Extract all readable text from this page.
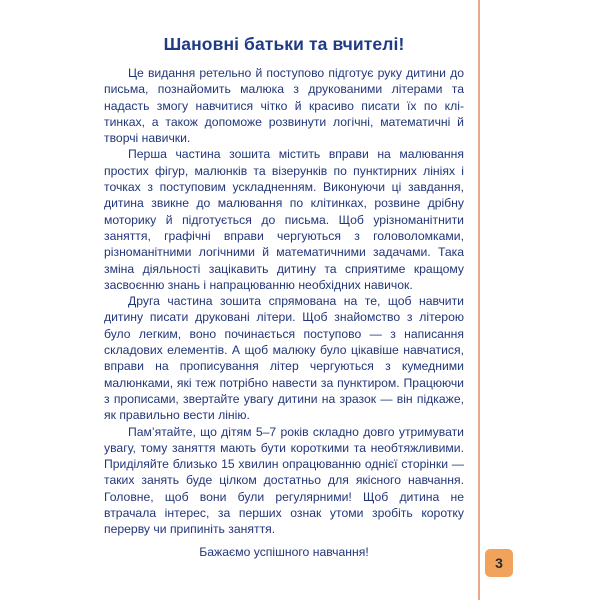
Шановні батьки та вчителі!

Це видання ретельно й поступово підготує руку дитини до письма, познайомить малюка з друкованими літерами та надасть змогу навчитися чітко й красиво писати їх по клітинках, а також допоможе розвинути логічні, математичні й творчі навички.

Перша частина зошита містить вправи на малювання простих фігур, малюнків та візерунків по пунктирних лініях і точках з поступовим ускладненням. Виконуючи ці завдання, дитина звикне до малювання по клітинках, розвине дрібну моторику й підготується до письма. Щоб урізноманітнити заняття, графічні вправи чергуються з головоломками, різноманітними логічними й математичними задачами. Така зміна діяльності зацікавить дитину та сприятиме кращому засвоєнню знань і напрацюванню необхідних навичок.

Друга частина зошита спрямована на те, щоб навчити дитину писати друковані літери. Щоб знайомство з літерою було легким, воно починається поступово — з написання складових елементів. А щоб малюку було цікавіше навчатися, вправи на прописування літер чергуються з кумедними малюнками, які теж потрібно навести за пунктиром. Працюючи з прописами, звертайте увагу дитини на зразок — він підкаже, як правильно вести лінію.

Пам’ятайте, що дітям 5–7 років складно довго утримувати увагу, тому заняття мають бути короткими та необтяжливими. Приділяйте близько 15 хвилин опрацюванню однієї сторінки — таких занять буде цілком достатньо для якісного навчання. Головне, щоб вони були регулярними! Щоб дитина не втрачала інтерес, за перших ознак утоми зробіть коротку перерву чи припиніть заняття.

Бажаємо успішного навчання!

3
